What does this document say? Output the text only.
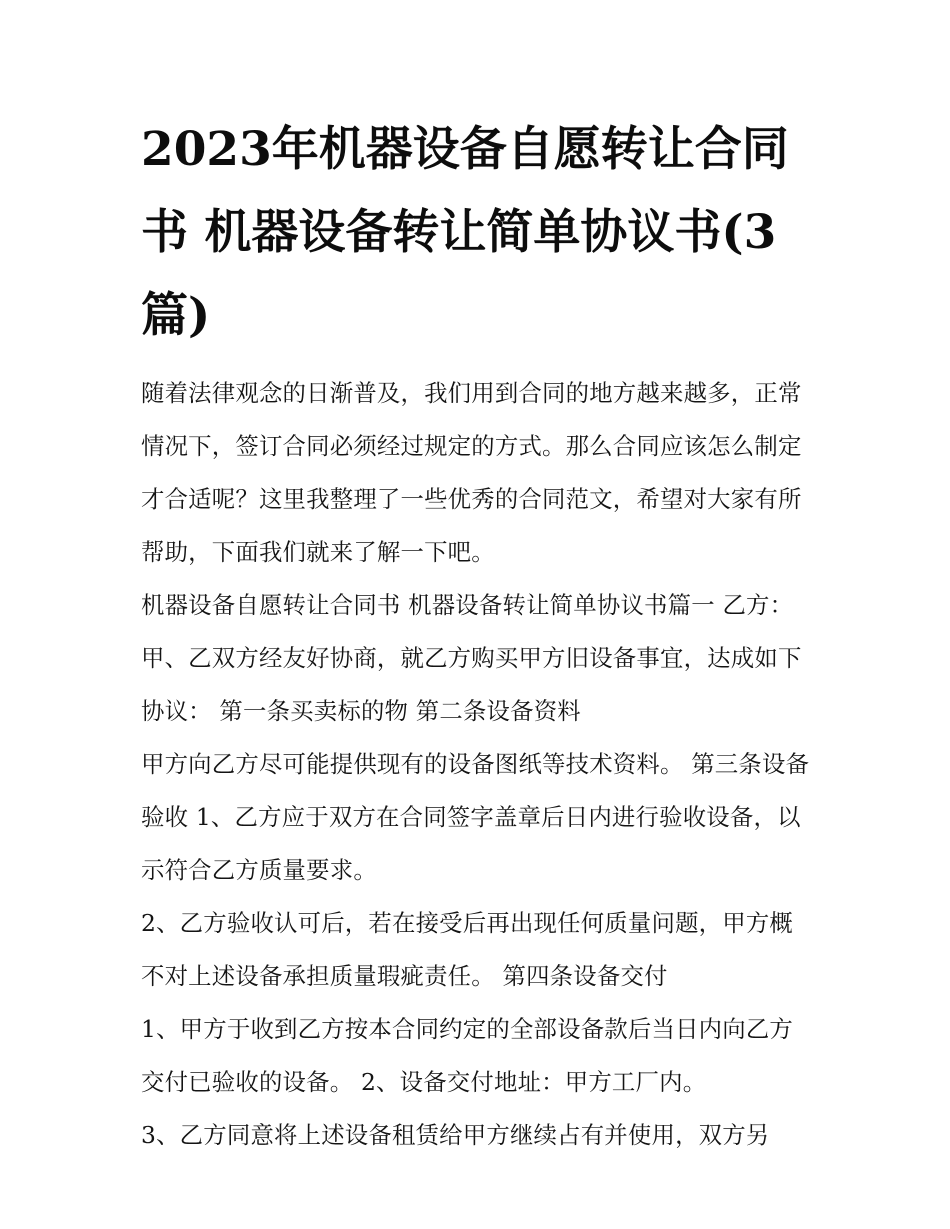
2023年机器设备自愿转让合同书 机器设备转让简单协议书(3篇)

随着法律观念的日渐普及，我们用到合同的地方越来越多，正常情况下，签订合同必须经过规定的方式。那么合同应该怎么制定才合适呢？这里我整理了一些优秀的合同范文，希望对大家有所帮助，下面我们就来了解一下吧。

机器设备自愿转让合同书 机器设备转让简单协议书篇一 乙方： 甲、乙双方经友好协商，就乙方购买甲方旧设备事宜，达成如下协议： 第一条买卖标的物 第二条设备资料

甲方向乙方尽可能提供现有的设备图纸等技术资料。 第三条设备验收 1、乙方应于双方在合同签字盖章后日内进行验收设备，以示符合乙方质量要求。

2、乙方验收认可后，若在接受后再出现任何质量问题，甲方概不对上述设备承担质量瑕疵责任。 第四条设备交付

1、甲方于收到乙方按本合同约定的全部设备款后当日内向乙方交付已验收的设备。 2、设备交付地址：甲方工厂内。

3、乙方同意将上述设备租赁给甲方继续占有并使用，双方另
